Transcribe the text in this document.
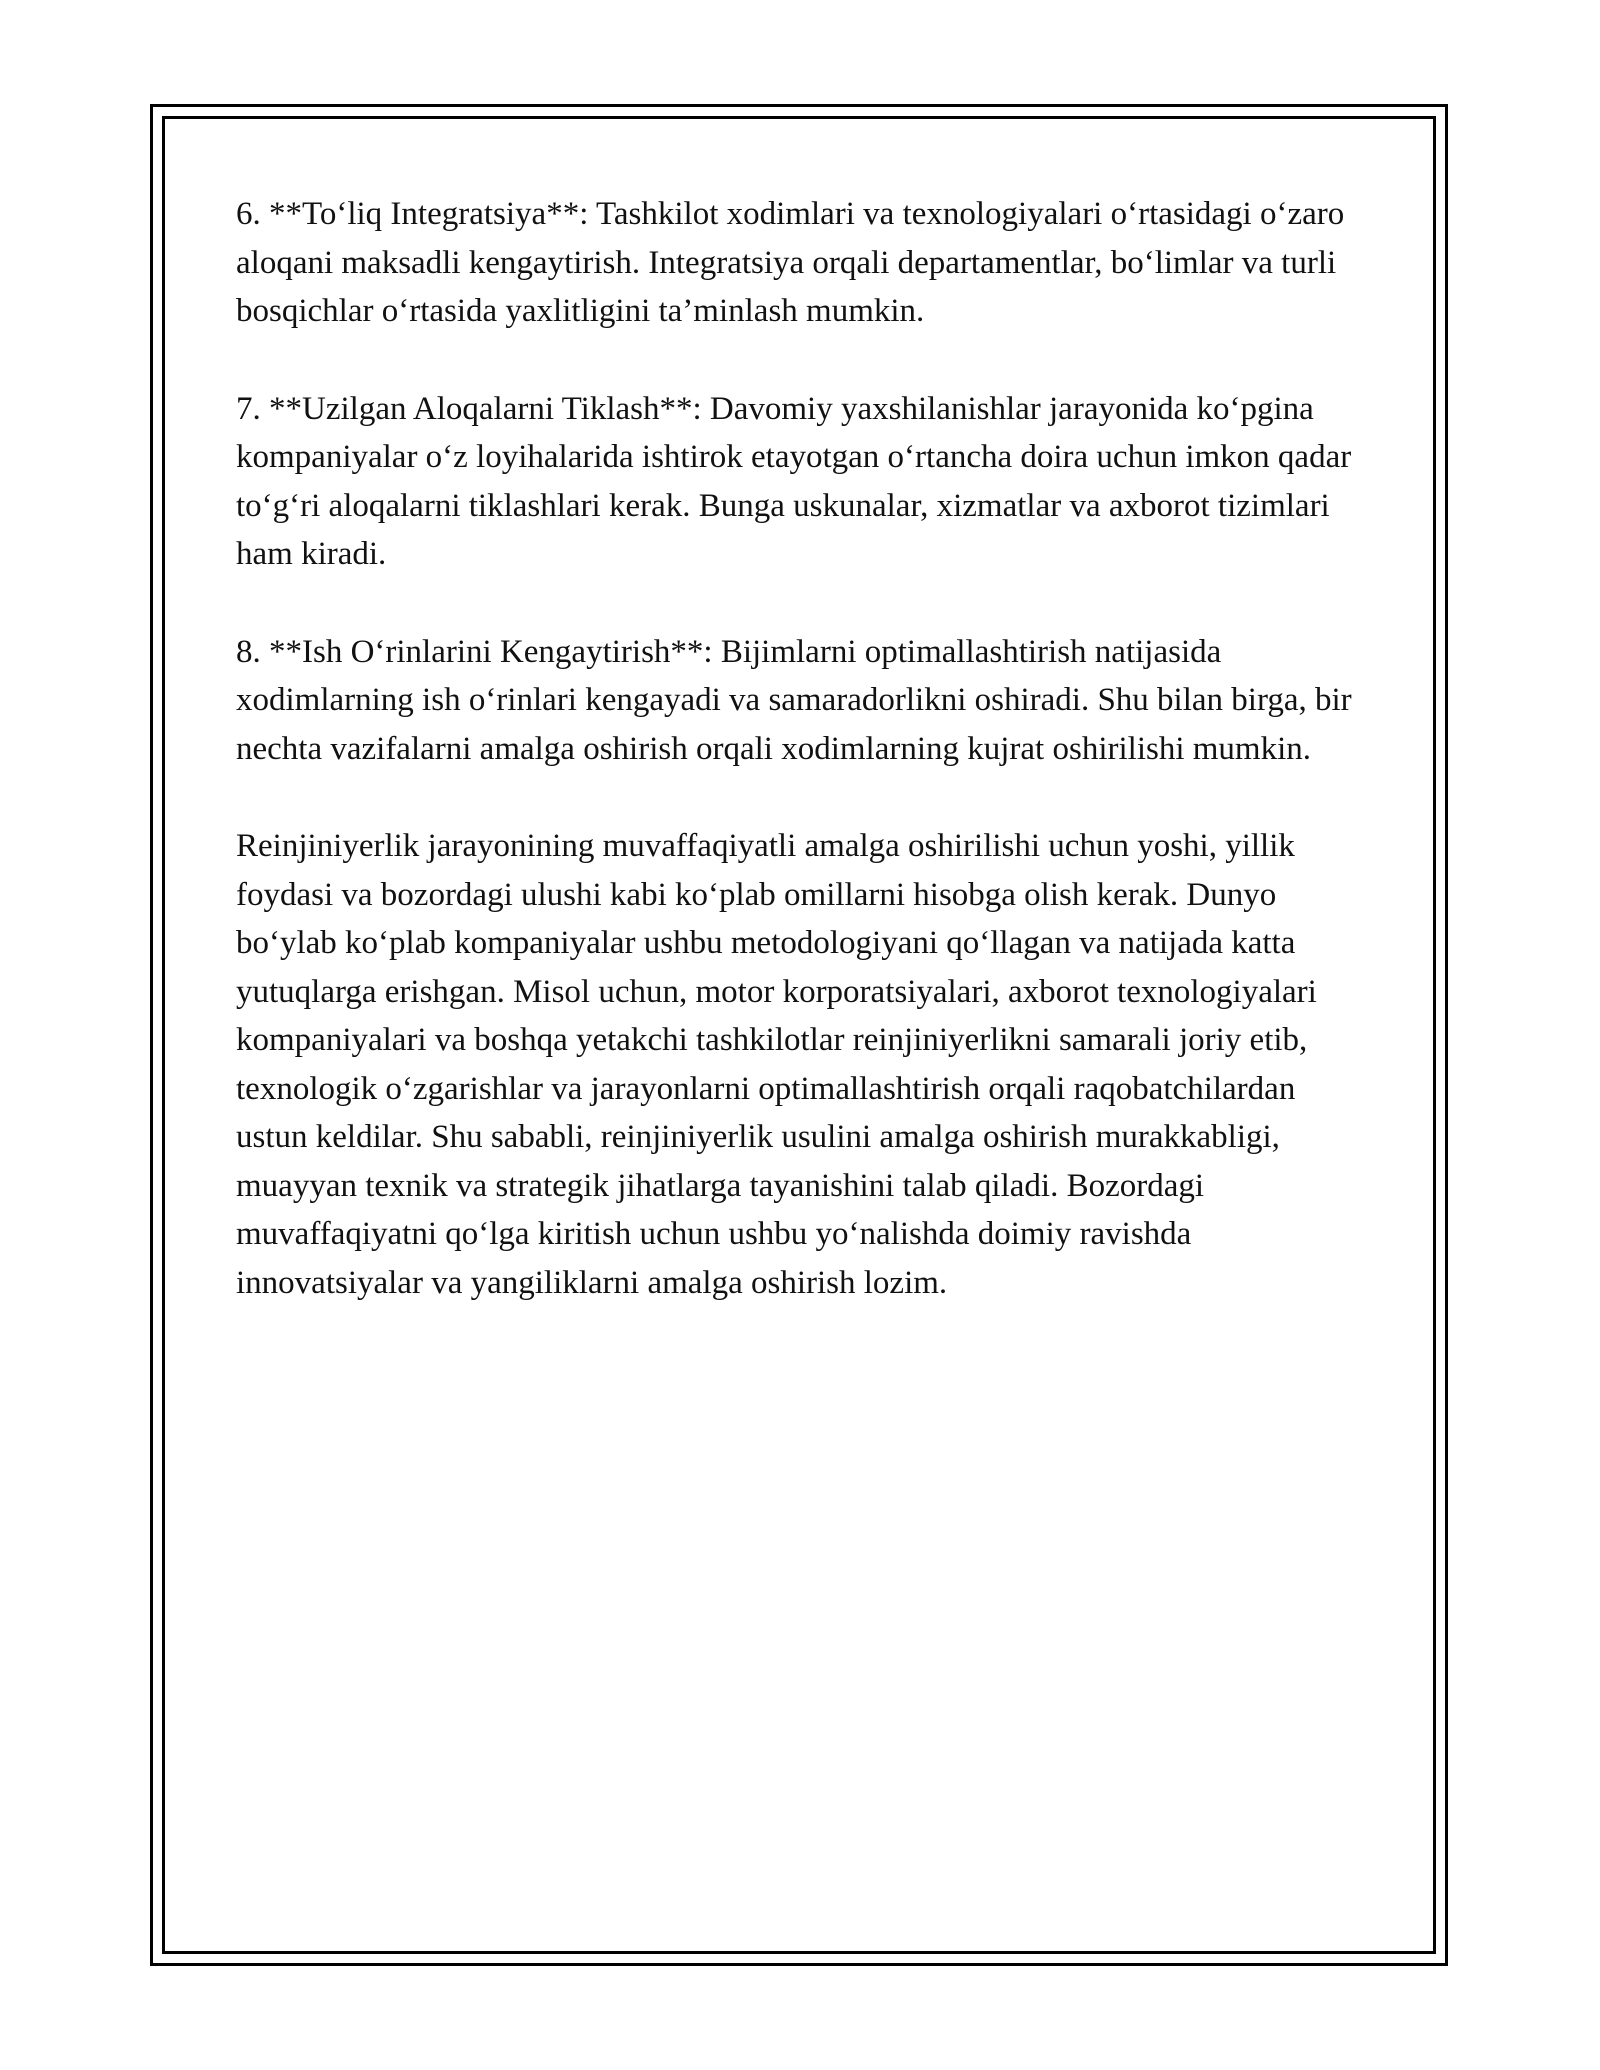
6. **To‘liq Integratsiya**: Tashkilot xodimlari va texnologiyalari o‘rtasidagi o‘zaro aloqani maksadli kengaytirish. Integratsiya orqali departamentlar, bo‘limlar va turli bosqichlar o‘rtasida yaxlitligini ta’minlash mumkin.

7. **Uzilgan Aloqalarni Tiklash**: Davomiy yaxshilanishlar jarayonida ko‘pgina kompaniyalar o‘z loyihalarida ishtirok etayotgan o‘rtancha doira uchun imkon qadar to‘g‘ri aloqalarni tiklashlari kerak. Bunga uskunalar, xizmatlar va axborot tizimlari ham kiradi.

8. **Ish O‘rinlarini Kengaytirish**: Bijimlarni optimallashtirish natijasida xodimlarning ish o‘rinlari kengayadi va samaradorlikni oshiradi. Shu bilan birga, bir nechta vazifalarni amalga oshirish orqali xodimlarning kujrat oshirilishi mumkin.

Reinjiniyerlik jarayonining muvaffaqiyatli amalga oshirilishi uchun yoshi, yillik foydasi va bozordagi ulushi kabi ko‘plab omillarni hisobga olish kerak. Dunyo bo‘ylab ko‘plab kompaniyalar ushbu metodologiyani qo‘llagan va natijada katta yutuqlarga erishgan. Misol uchun, motor korporatsiyalari, axborot texnologiyalari kompaniyalari va boshqa yetakchi tashkilotlar reinjiniyerlikni samarali joriy etib, texnologik o‘zgarishlar va jarayonlarni optimallashtirish orqali raqobatchilardan ustun keldilar. Shu sababli, reinjiniyerlik usulini amalga oshirish murakkabligi, muayyan texnik va strategik jihatlarga tayanishini talab qiladi. Bozordagi muvaffaqiyatni qo‘lga kiritish uchun ushbu yo‘nalishda doimiy ravishda innovatsiyalar va yangiliklarni amalga oshirish lozim.
